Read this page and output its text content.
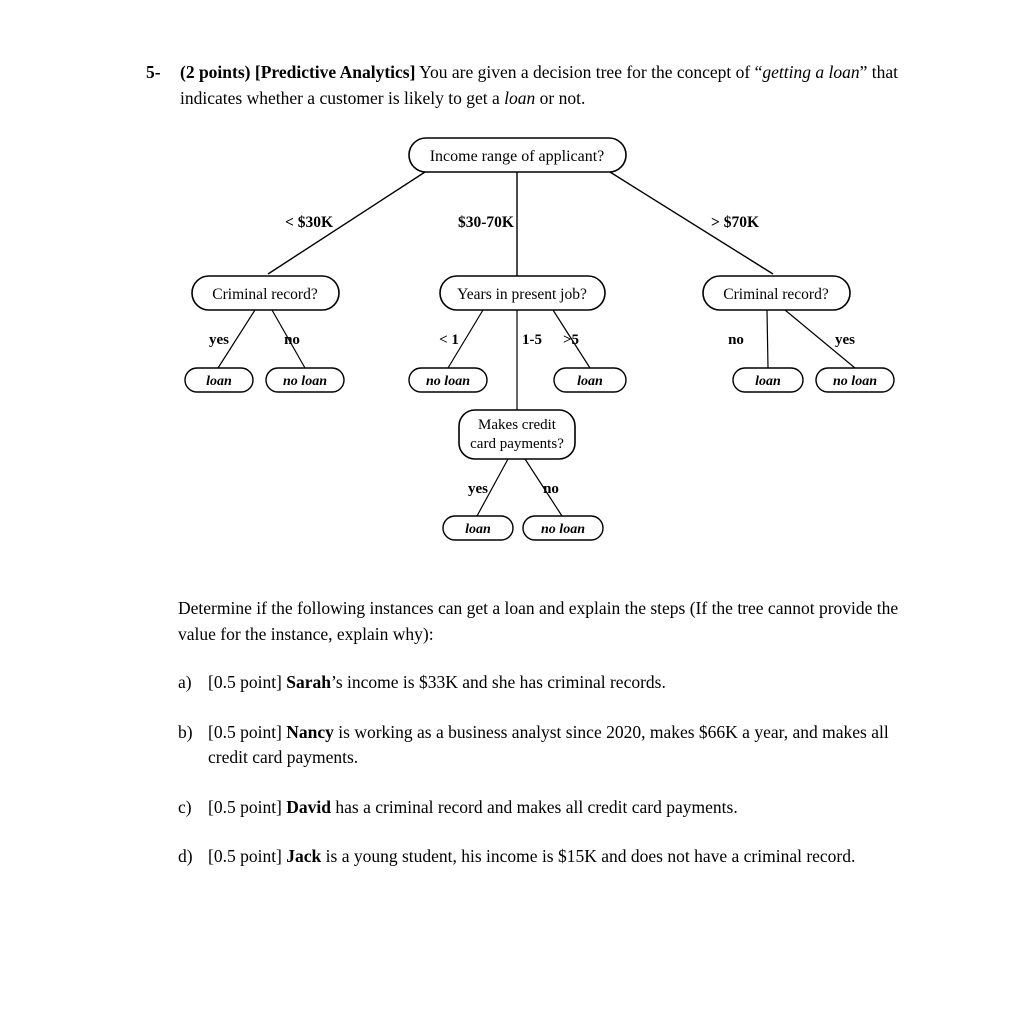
5-	(2 points) [Predictive Analytics] You are given a decision tree for the concept of “getting a loan” that indicates whether a customer is likely to get a loan or not.
Income range of applicant?
< $30K	$30-70K	> $70K
Criminal record?	Years in present job?	Criminal record?
yes	no
loan	no loan
< 1	1-5 >5
no loan	loan
Makes credit
card payments?
yes	no
loan	no loan
no	yes
loan	no loan
Determine if the following instances can get a loan and explain the steps (If the tree cannot provide the value for the instance, explain why):
a) [0.5 point] Sarah’s income is $33K and she has criminal records.
b) [0.5 point] Nancy is working as a business analyst since 2020, makes $66K a year, and makes all credit card payments.
c) [0.5 point] David has a criminal record and makes all credit card payments.
d) [0.5 point] Jack is a young student, his income is $15K and does not have a criminal record.
